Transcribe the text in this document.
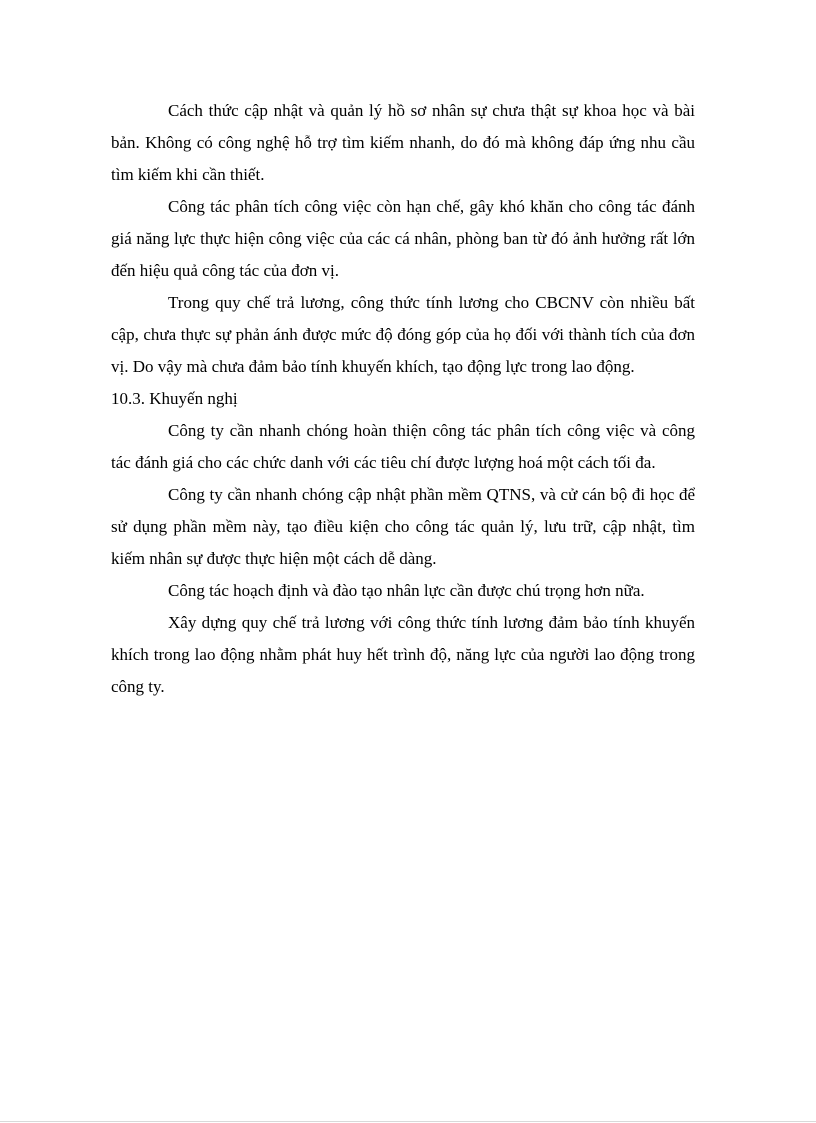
Cách thức cập nhật và quản lý hồ sơ nhân sự chưa thật sự khoa học và bài bản. Không có công nghệ hỗ trợ tìm kiếm nhanh, do đó mà không đáp ứng nhu cầu tìm kiếm khi cần thiết.

Công tác phân tích công việc còn hạn chế, gây khó khăn cho công tác đánh giá năng lực thực hiện công việc của các cá nhân, phòng ban từ đó ảnh hưởng rất lớn đến hiệu quả công tác của đơn vị.

Trong quy chế trả lương, công thức tính lương cho CBCNV còn nhiều bất cập, chưa thực sự phản ánh được mức độ đóng góp của họ đối với thành tích của đơn vị. Do vậy mà chưa đảm bảo tính khuyến khích, tạo động lực trong lao động.

10.3. Khuyến nghị

Công ty cần nhanh chóng hoàn thiện công tác phân tích công việc và công tác đánh giá cho các chức danh với các tiêu chí được lượng hoá một cách tối đa.

Công ty cần nhanh chóng cập nhật phần mềm QTNS, và cử cán bộ đi học để sử dụng phần mềm này, tạo điều kiện cho công tác quản lý, lưu trữ, cập nhật, tìm kiếm nhân sự được thực hiện một cách dễ dàng.

Công tác hoạch định và đào tạo nhân lực cần được chú trọng hơn nữa.

Xây dựng quy chế trả lương với công thức tính lương đảm bảo tính khuyến khích trong lao động nhằm phát huy hết trình độ, năng lực của người lao động trong công ty.
